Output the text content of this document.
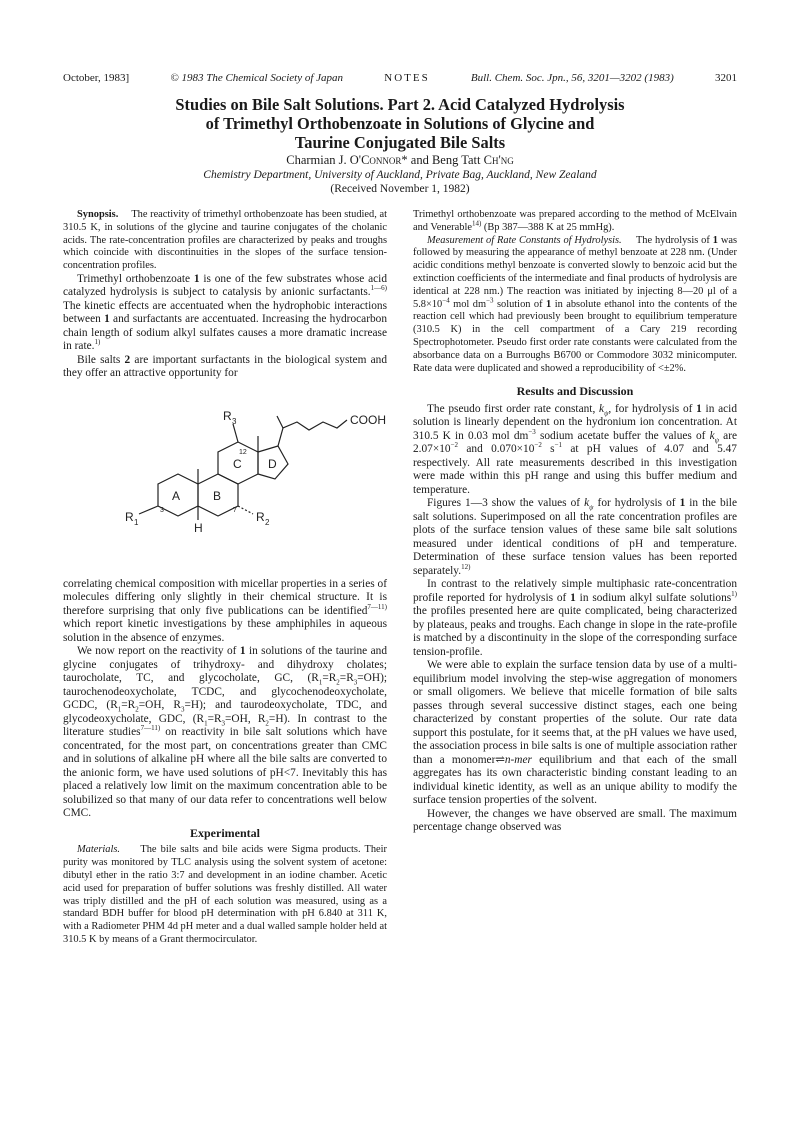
October, 1983]	© 1983 The Chemical Society of Japan	NOTES	Bull. Chem. Soc. Jpn., 56, 3201—3202 (1983)	3201
Studies on Bile Salt Solutions. Part 2. Acid Catalyzed Hydrolysis
of Trimethyl Orthobenzoate in Solutions of Glycine and
Taurine Conjugated Bile Salts
Charmian J. O'Connor* and Beng Tatt Ch'ng
Chemistry Department, University of Auckland, Private Bag, Auckland, New Zealand
(Received November 1, 1982)

Synopsis. The reactivity of trimethyl orthobenzoate has been studied, at 310.5 K, in solutions of the glycine and taurine conjugates of the cholanic acids. The rate-concentration profiles are characterized by peaks and troughs which coincide with discontinuities in the slopes of the surface tension-concentration profiles.

Trimethyl orthobenzoate 1 is one of the few substrates whose acid catalyzed hydrolysis is subject to catalysis by anionic surfactants.$^{1—6)}$ The kinetic effects are accentuated when the hydrophobic interactions between 1 and surfactants are accentuated. Increasing the hydrocarbon chain length of sodium alkyl sulfates causes a more dramatic increase in rate.$^{1)}$

Bile salts 2 are important surfactants in the biological system and they offer an attractive opportunity for

A	B
C D
COOH
H
R 1	R 2
R 3
3	7
12

correlating chemical composition with micellar properties in a series of molecules differing only slightly in their chemical structure. It is therefore surprising that only five publications can be identified$^{7—11)}$ which report kinetic investigations by these amphiphiles in aqueous solution in the absence of enzymes.

We now report on the reactivity of 1 in solutions of the taurine and glycine conjugates of trihydroxy- and dihydroxy cholates; taurocholate, TC, and glycocholate, GC, $(R_1=R_2=R_3=OH)$; taurochenodeoxycholate, TCDC, and glycochenodeoxycholate, GCDC, ($R_1=R_2=OH$, $R_3=H$); and taurodeoxycholate, TDC, and glycodeoxycholate, GDC, ($R_1=R_3=OH$, $R_2=H$). In contrast to the literature studies$^{7—11)}$ on reactivity in bile salt solutions which have concentrated, for the most part, on concentrations greater than CMC and in solutions of alkaline pH where all the bile salts are converted to the anionic form, we have used solutions of pH<7. Inevitably this has placed a relatively low limit on the maximum concentration able to be solubilized so that many of our data refer to concentrations well below CMC.

Experimental

Materials. The bile salts and bile acids were Sigma products. Their purity was monitored by TLC analysis using the solvent system of acetone: dibutyl ether in the ratio 3:7 and development in an iodine chamber. Acetic acid used for preparation of buffer solutions was freshly distilled. All water was triply distilled and the pH of each solution was measured, using as a standard BDH buffer for blood pH determination with pH 6.840 at 311 K, with a Radiometer PHM 4d pH meter and a dual walled sample holder held at 310.5 K by means of a Grant thermocirculator.

Trimethyl orthobenzoate was prepared according to the method of McElvain and Venerable$^{14)}$ (Bp 387—388 K at 25 mmHg).

Measurement of Rate Constants of Hydrolysis. The hydrolysis of 1 was followed by measuring the appearance of methyl benzoate at 228 nm. (Under acidic conditions methyl benzoate is converted slowly to benzoic acid but the extinction coefficients of the intermediate and final products of hydrolysis are identical at 228 nm.) The reaction was initiated by injecting 8—20 μl of a $5.8\times 10^{-4}$ mol $dm^{-3}$ solution of 1 in absolute ethanol into the contents of the reaction cell which had previously been brought to equilibrium temperature (310.5 K) in the cell compartment of a Cary 219 recording Spectrophotometer. Pseudo first order rate constants were calculated from the absorbance data on a Burroughs B6700 or Commodore 3032 minicomputer. Rate data were duplicated and showed a reproducibility of <±2%.

Results and Discussion

The pseudo first order rate constant, $k_\psi$, for hydrolysis of 1 in acid solution is linearly dependent on the hydronium ion concentration. At 310.5 K in 0.03 mol $dm^{-3}$ sodium acetate buffer the values of $k_\psi$ are $2.07\times 10^{-2}$ and $0.070\times 10^{-2}$ $s^{-1}$ at pH values of 4.07 and 5.47 respectively. All rate measurements described in this investigation were made within this pH range and using this buffer medium and temperature.

Figures 1—3 show the values of $k_\psi$ for hydrolysis of 1 in the bile salt solutions. Superimposed on all the rate concentration profiles are plots of the surface tension values of these same bile salt solutions measured under identical conditions of pH and temperature. Determination of these surface tension values has been reported separately.$^{12)}$

In contrast to the relatively simple multiphasic rate-concentration profile reported for hydrolysis of 1 in sodium alkyl sulfate solutions$^{1)}$ the profiles presented here are quite complicated, being characterized by plateaus, peaks and troughs. Each change in slope in the rate-profile is matched by a discontinuity in the slope of the corresponding surface tension-profile.

We were able to explain the surface tension data by use of a multi-equilibrium model involving the step-wise aggregation of monomers or small oligomers. We believe that micelle formation of bile salts passes through several successive distinct stages, each one being characterized by constant properties of the solute. Our rate data support this postulate, for it seems that, at the pH values we have used, the association process in bile salts is one of multiple association rather than a monomer⇌n-mer equilibrium and that each of the small aggregates has its own characteristic binding constant leading to an individual kinetic identity, as well as an unique ability to modify the surface tension properties of the solvent.

However, the changes we have observed are small. The maximum percentage change observed was
